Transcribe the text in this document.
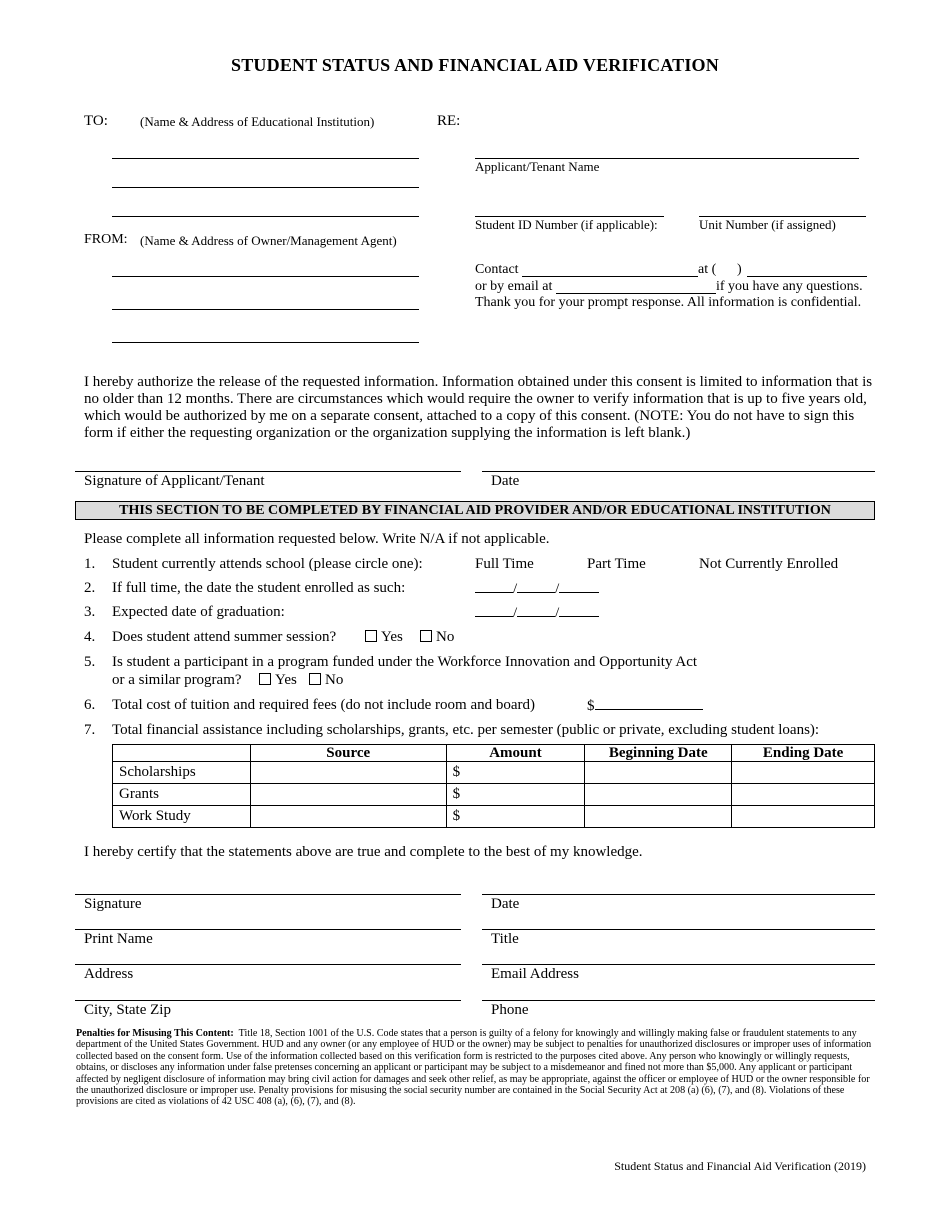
STUDENT STATUS AND FINANCIAL AID VERIFICATION
TO: (Name & Address of Educational Institution)	RE:
Applicant/Tenant Name
Student ID Number (if applicable):	Unit Number (if assigned)
FROM: (Name & Address of Owner/Management Agent)
Contact	at ( )
or by email at	if you have any questions.
Thank you for your prompt response. All information is confidential.
I hereby authorize the release of the requested information. Information obtained under this consent is limited to information that is no older than 12 months. There are circumstances which would require the owner to verify information that is up to five years old, which would be authorized by me on a separate consent, attached to a copy of this consent. (NOTE: You do not have to sign this form if either the requesting organization or the organization supplying the information is left blank.)
Signature of Applicant/Tenant	Date
THIS SECTION TO BE COMPLETED BY FINANCIAL AID PROVIDER AND/OR EDUCATIONAL INSTITUTION
Please complete all information requested below. Write N/A if not applicable.
1. Student currently attends school (please circle one):	Full Time	Part Time	Not Currently Enrolled
2. If full time, the date the student enrolled as such:	/	/
3. Expected date of graduation:	/	/
4. Does student attend summer session?	Yes	No
5. Is student a participant in a program funded under the Workforce Innovation and Opportunity Act
or a similar program?	Yes	No
6. Total cost of tuition and required fees (do not include room and board)	$
7. Total financial assistance including scholarships, grants, etc. per semester (public or private, excluding student loans):
	Source	Amount	Beginning Date	Ending Date
Scholarships		$		
Grants		$		
Work Study		$		
I hereby certify that the statements above are true and complete to the best of my knowledge.
Signature	Date
Print Name	Title
Address	Email Address
City, State Zip	Phone
Penalties for Misusing This Content: Title 18, Section 1001 of the U.S. Code states that a person is guilty of a felony for knowingly and willingly making false or fraudulent statements to any department of the United States Government. HUD and any owner (or any employee of HUD or the owner) may be subject to penalties for unauthorized disclosures or improper uses of information collected based on the consent form. Use of the information collected based on this verification form is restricted to the purposes cited above. Any person who knowingly or willingly requests, obtains, or discloses any information under false pretenses concerning an applicant or participant may be subject to a misdemeanor and fined not more than $5,000. Any applicant or participant affected by negligent disclosure of information may bring civil action for damages and seek other relief, as may be appropriate, against the officer or employee of HUD or the owner responsible for the unauthorized disclosure or improper use. Penalty provisions for misusing the social security number are contained in the Social Security Act at 208 (a) (6), (7), and (8). Violations of these provisions are cited as violations of 42 USC 408 (a), (6), (7), and (8).
Student Status and Financial Aid Verification (2019)
